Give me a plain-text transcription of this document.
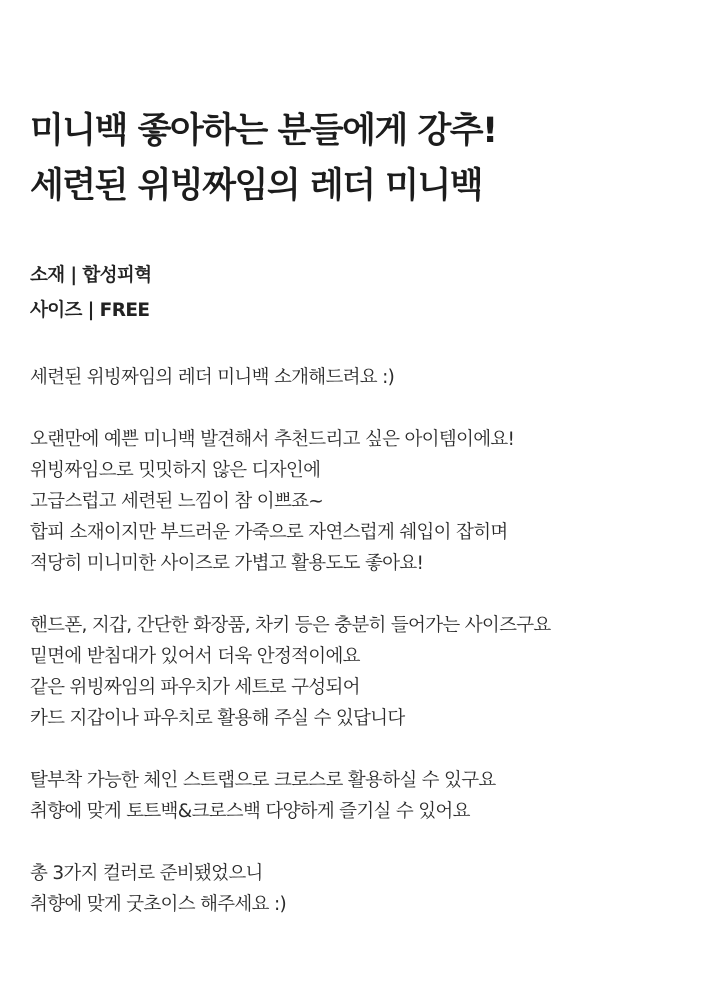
미니백 좋아하는 분들에게 강추!
세련된 위빙짜임의 레더 미니백
소재 | 합성피혁
사이즈 | FREE

세련된 위빙짜임의 레더 미니백 소개해드려요 :)

오랜만에 예쁜 미니백 발견해서 추천드리고 싶은 아이템이에요!
위빙짜임으로 밋밋하지 않은 디자인에
고급스럽고 세련된 느낌이 참 이쁘죠~
합피 소재이지만 부드러운 가죽으로 자연스럽게 쉐입이 잡히며
적당히 미니미한 사이즈로 가볍고 활용도도 좋아요!

핸드폰, 지갑, 간단한 화장품, 차키 등은 충분히 들어가는 사이즈구요
밑면에 받침대가 있어서 더욱 안정적이에요
같은 위빙짜임의 파우치가 세트로 구성되어
카드 지갑이나 파우치로 활용해 주실 수 있답니다

탈부착 가능한 체인 스트랩으로 크로스로 활용하실 수 있구요
취향에 맞게 토트백&크로스백 다양하게 즐기실 수 있어요

총 3가지 컬러로 준비됐었으니
취향에 맞게 굿초이스 해주세요 :)
